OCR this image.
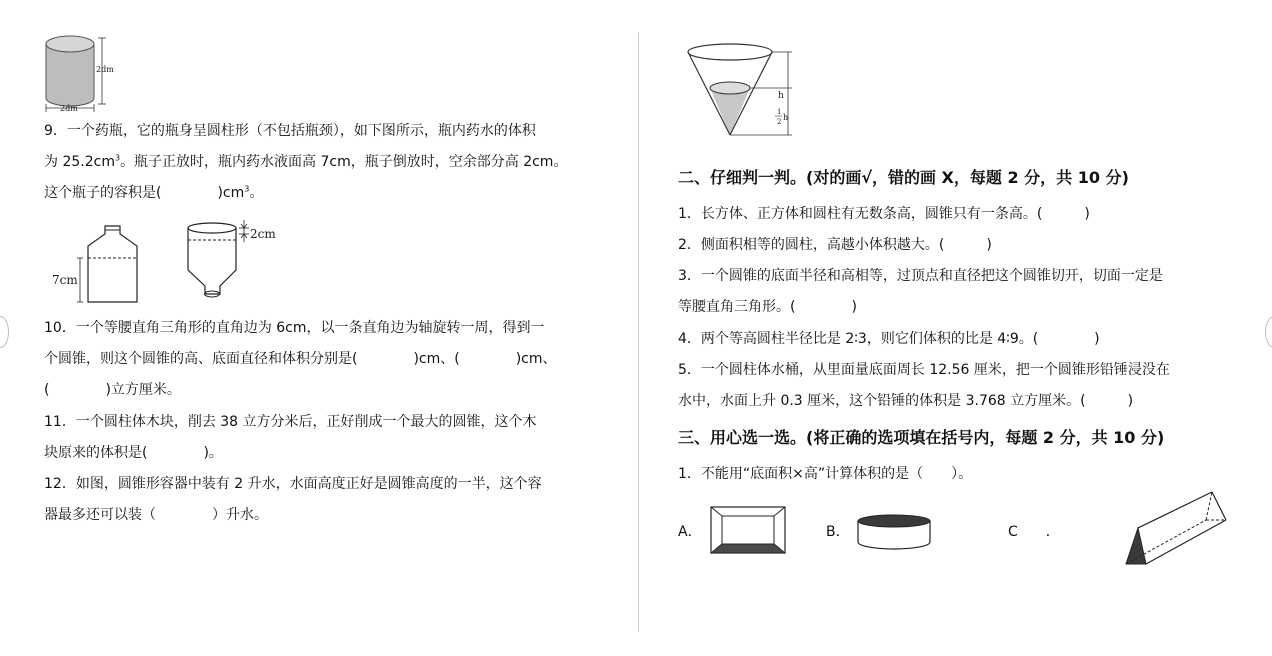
2dm
2dm
9．一个药瓶，它的瓶身呈圆柱形（不包括瓶颈），如下图所示，瓶内药水的体积
为 $25.2cm^3$。瓶子正放时，瓶内药水液面高 7cm，瓶子倒放时，空余部分高 2cm。
这个瓶子的容积是(　　　　)$cm^3$。
7cm
2cm
10．一个等腰直角三角形的直角边为 6cm，以一条直角边为轴旋转一周，得到一
个圆锥，则这个圆锥的高、底面直径和体积分别是(　　　　)cm、(　　　　)cm、
(　　　　)立方厘米。
11．一个圆柱体木块，削去 38 立方分米后，正好削成一个最大的圆锥，这个木
块原来的体积是(　　　　)。
12．如图，圆锥形容器中装有 2 升水，水面高度正好是圆锥高度的一半，这个容
器最多还可以装（　　　　）升水。
h
1
2 h
二、仔细判一判。(对的画√，错的画 X，每题 2 分，共 10 分)
1．长方体、正方体和圆柱有无数条高，圆锥只有一条高。(　　　)
2．侧面积相等的圆柱，高越小体积越大。(　　　)
3．一个圆锥的底面半径和高相等，过顶点和直径把这个圆锥切开，切面一定是
等腰直角三角形。(　　　　)
4．两个等高圆柱半径比是 2∶3，则它们体积的比是 4∶9。(　　　　)
5．一个圆柱体水桶，从里面量底面周长 12.56 厘米，把一个圆锥形铅锤浸没在
水中，水面上升 0.3 厘米，这个铅锤的体积是 3.768 立方厘米。(　　　)
三、用心选一选。(将正确的选项填在括号内，每题 2 分，共 10 分)
1．不能用“底面积×高”计算体积的是（　　）。
A．	B．	C　　．
